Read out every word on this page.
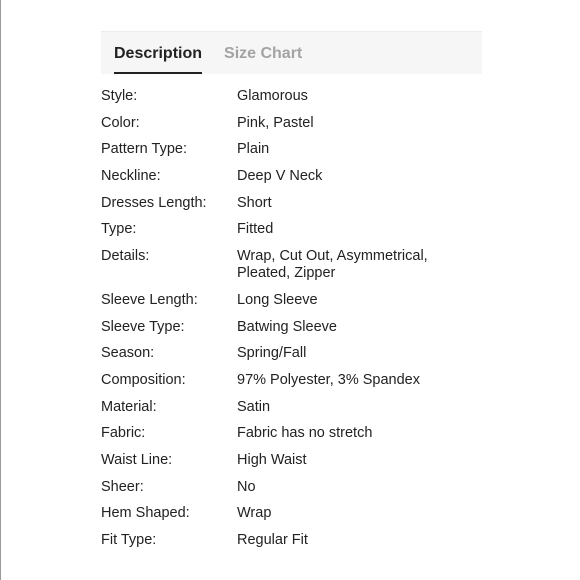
Description Size Chart
Style:	Glamorous
Color:	Pink, Pastel
Pattern Type:	Plain
Neckline:	Deep V Neck
Dresses Length:	Short
Type:	Fitted
Details:	Wrap, Cut Out, Asymmetrical, Pleated, Zipper
Sleeve Length:	Long Sleeve
Sleeve Type:	Batwing Sleeve
Season:	Spring/Fall
Composition:	97% Polyester, 3% Spandex
Material:	Satin
Fabric:	Fabric has no stretch
Waist Line:	High Waist
Sheer:	No
Hem Shaped:	Wrap
Fit Type:	Regular Fit
